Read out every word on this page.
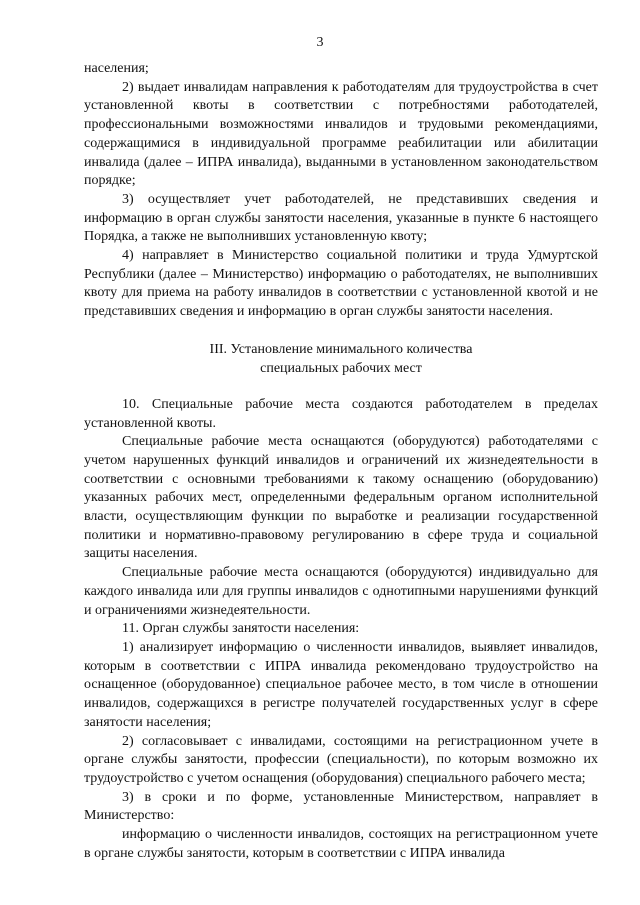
3

населения;

2) выдает инвалидам направления к работодателям для трудоустройства в счет установленной квоты в соответствии с потребностями работодателей, профессиональными возможностями инвалидов и трудовыми рекомендациями, содержащимися в индивидуальной программе реабилитации или абилитации инвалида (далее – ИПРА инвалида), выданными в установленном законодательством порядке;

3) осуществляет учет работодателей, не представивших сведения и информацию в орган службы занятости населения, указанные в пункте 6 настоящего Порядка, а также не выполнивших установленную квоту;

4) направляет в Министерство социальной политики и труда Удмуртской Республики (далее – Министерство) информацию о работодателях, не выполнивших квоту для приема на работу инвалидов в соответствии с установленной квотой и не представивших сведения и информацию в орган службы занятости населения.

III. Установление минимального количества
специальных рабочих мест

10. Специальные рабочие места создаются работодателем в пределах установленной квоты.

Специальные рабочие места оснащаются (оборудуются) работодателями с учетом нарушенных функций инвалидов и ограничений их жизнедеятельности в соответствии с основными требованиями к такому оснащению (оборудованию) указанных рабочих мест, определенными федеральным органом исполнительной власти, осуществляющим функции по выработке и реализации государственной политики и нормативно-правовому регулированию в сфере труда и социальной защиты населения.

Специальные рабочие места оснащаются (оборудуются) индивидуально для каждого инвалида или для группы инвалидов с однотипными нарушениями функций и ограничениями жизнедеятельности.

11. Орган службы занятости населения:

1) анализирует информацию о численности инвалидов, выявляет инвалидов, которым в соответствии с ИПРА инвалида рекомендовано трудоустройство на оснащенное (оборудованное) специальное рабочее место, в том числе в отношении инвалидов, содержащихся в регистре получателей государственных услуг в сфере занятости населения;

2) согласовывает с инвалидами, состоящими на регистрационном учете в органе службы занятости, профессии (специальности), по которым возможно их трудоустройство с учетом оснащения (оборудования) специального рабочего места;

3) в сроки и по форме, установленные Министерством, направляет в Министерство:

информацию о численности инвалидов, состоящих на регистрационном учете в органе службы занятости, которым в соответствии с ИПРА инвалида
